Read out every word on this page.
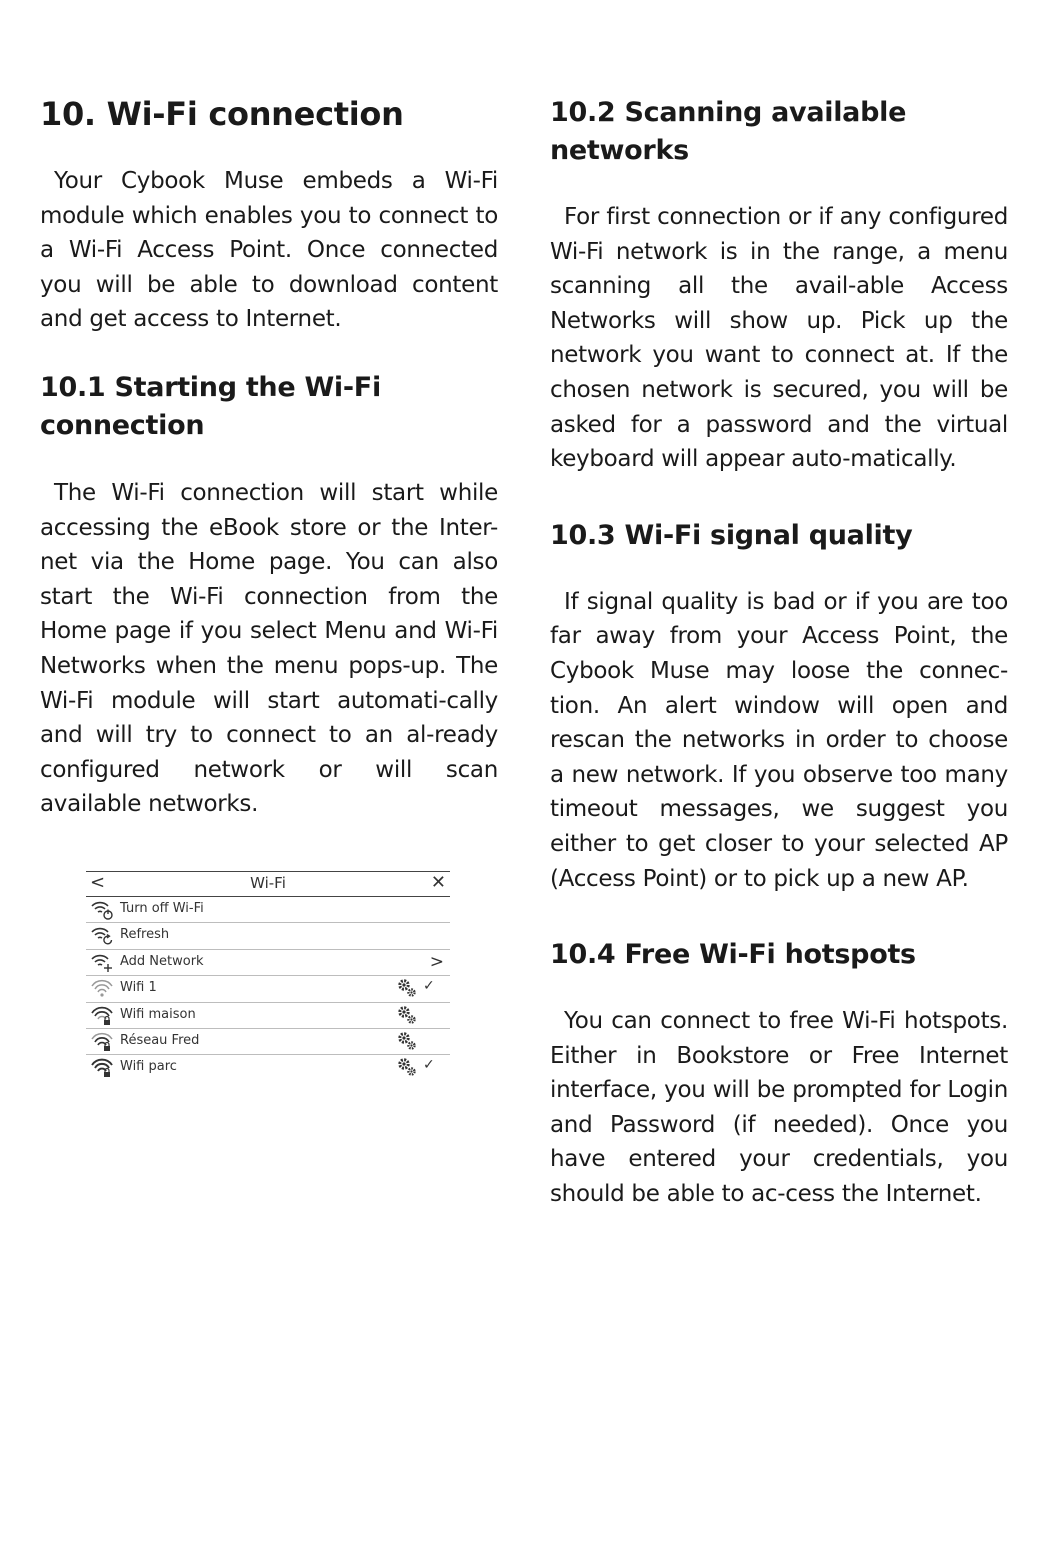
10. Wi-Fi connection

Your Cybook Muse embeds a Wi-Fi module which enables you to connect to a Wi-Fi Access Point. Once connected you will be able to download content and get access to Internet.

10.1 Starting the Wi-Fi connection

The Wi-Fi connection will start while accessing the eBook store or the Inter-net via the Home page. You can also start the Wi-Fi connection from the Home page if you select Menu and Wi-Fi Networks when the menu pops-up. The Wi-Fi module will start automati-cally and will try to connect to an al-ready configured network or will scan available networks.

<	Wi-Fi	✕
Turn off Wi-Fi
Refresh
Add Network	>
Wifi 1	✓
Wifi maison
Réseau Fred
Wifi parc	✓
10.2 Scanning available networks

For first connection or if any configured Wi-Fi network is in the range, a menu scanning all the avail-able Access Networks will show up. Pick up the network you want to connect at. If the chosen network is secured, you will be asked for a password and the virtual keyboard will appear auto-matically.

10.3 Wi-Fi signal quality

If signal quality is bad or if you are too far away from your Access Point, the Cybook Muse may loose the connec-tion. An alert window will open and rescan the networks in order to choose a new network. If you observe too many timeout messages, we suggest you either to get closer to your selected AP (Access Point) or to pick up a new AP.

10.4 Free Wi-Fi hotspots

You can connect to free Wi-Fi hotspots. Either in Bookstore or Free Internet interface, you will be prompted for Login and Password (if needed). Once you have entered your credentials, you should be able to ac-cess the Internet.
